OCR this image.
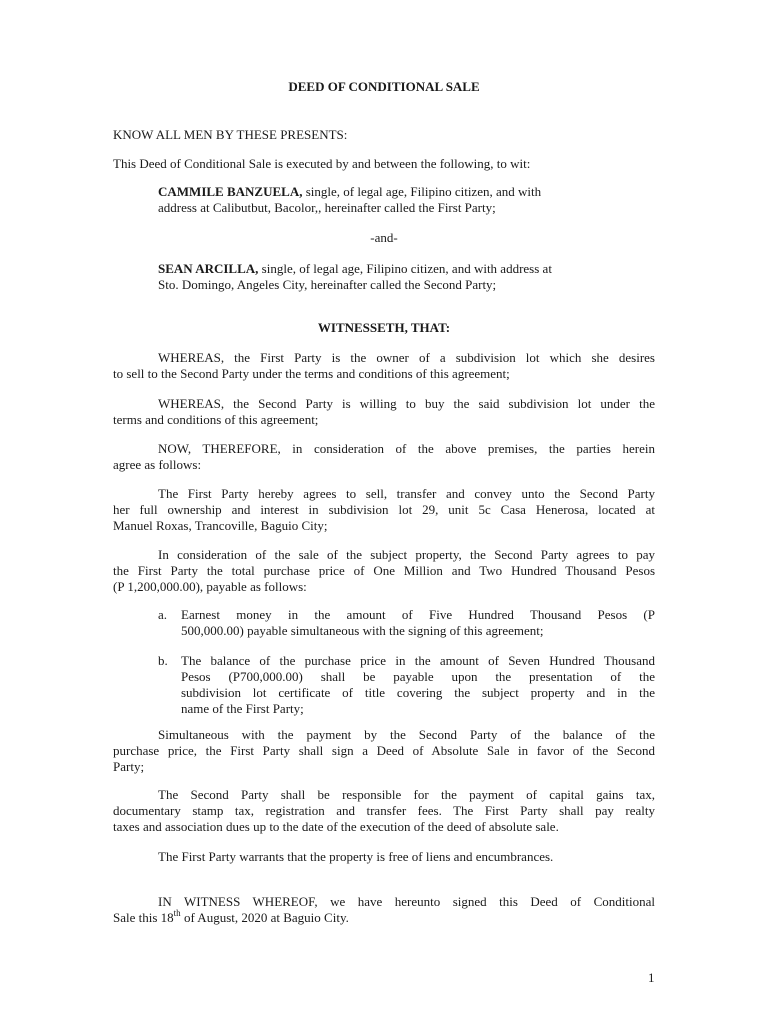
DEED OF CONDITIONAL SALE
KNOW ALL MEN BY THESE PRESENTS:
This Deed of Conditional Sale is executed by and between the following, to wit:
CAMMILE BANZUELA, single, of legal age, Filipino citizen, and with
address at Calibutbut, Bacolor,, hereinafter called the First Party;
-and-
SEAN ARCILLA, single, of legal age, Filipino citizen, and with address at
Sto. Domingo, Angeles City, hereinafter called the Second Party;
WITNESSETH, THAT:
WHEREAS, the First Party is the owner of a subdivision lot which she desires
to sell to the Second Party under the terms and conditions of this agreement;
WHEREAS, the Second Party is willing to buy the said subdivision lot under the
terms and conditions of this agreement;
NOW, THEREFORE, in consideration of the above premises, the parties herein
agree as follows:
The First Party hereby agrees to sell, transfer and convey unto the Second Party
her full ownership and interest in subdivision lot 29, unit 5c Casa Henerosa, located at
Manuel Roxas, Trancoville, Baguio City;
In consideration of the sale of the subject property, the Second Party agrees to pay
the First Party the total purchase price of One Million and Two Hundred Thousand Pesos
(P 1,200,000.00), payable as follows:
a. Earnest money in the amount of Five Hundred Thousand Pesos (P
500,000.00) payable simultaneous with the signing of this agreement;
b. The balance of the purchase price in the amount of Seven Hundred Thousand
Pesos (P700,000.00) shall be payable upon the presentation of the
subdivision lot certificate of title covering the subject property and in the
name of the First Party;
Simultaneous with the payment by the Second Party of the balance of the
purchase price, the First Party shall sign a Deed of Absolute Sale in favor of the Second
Party;
The Second Party shall be responsible for the payment of capital gains tax,
documentary stamp tax, registration and transfer fees. The First Party shall pay realty
taxes and association dues up to the date of the execution of the deed of absolute sale.
The First Party warrants that the property is free of liens and encumbrances.
IN WITNESS WHEREOF, we have hereunto signed this Deed of Conditional
Sale this 18th of August, 2020 at Baguio City.
1
